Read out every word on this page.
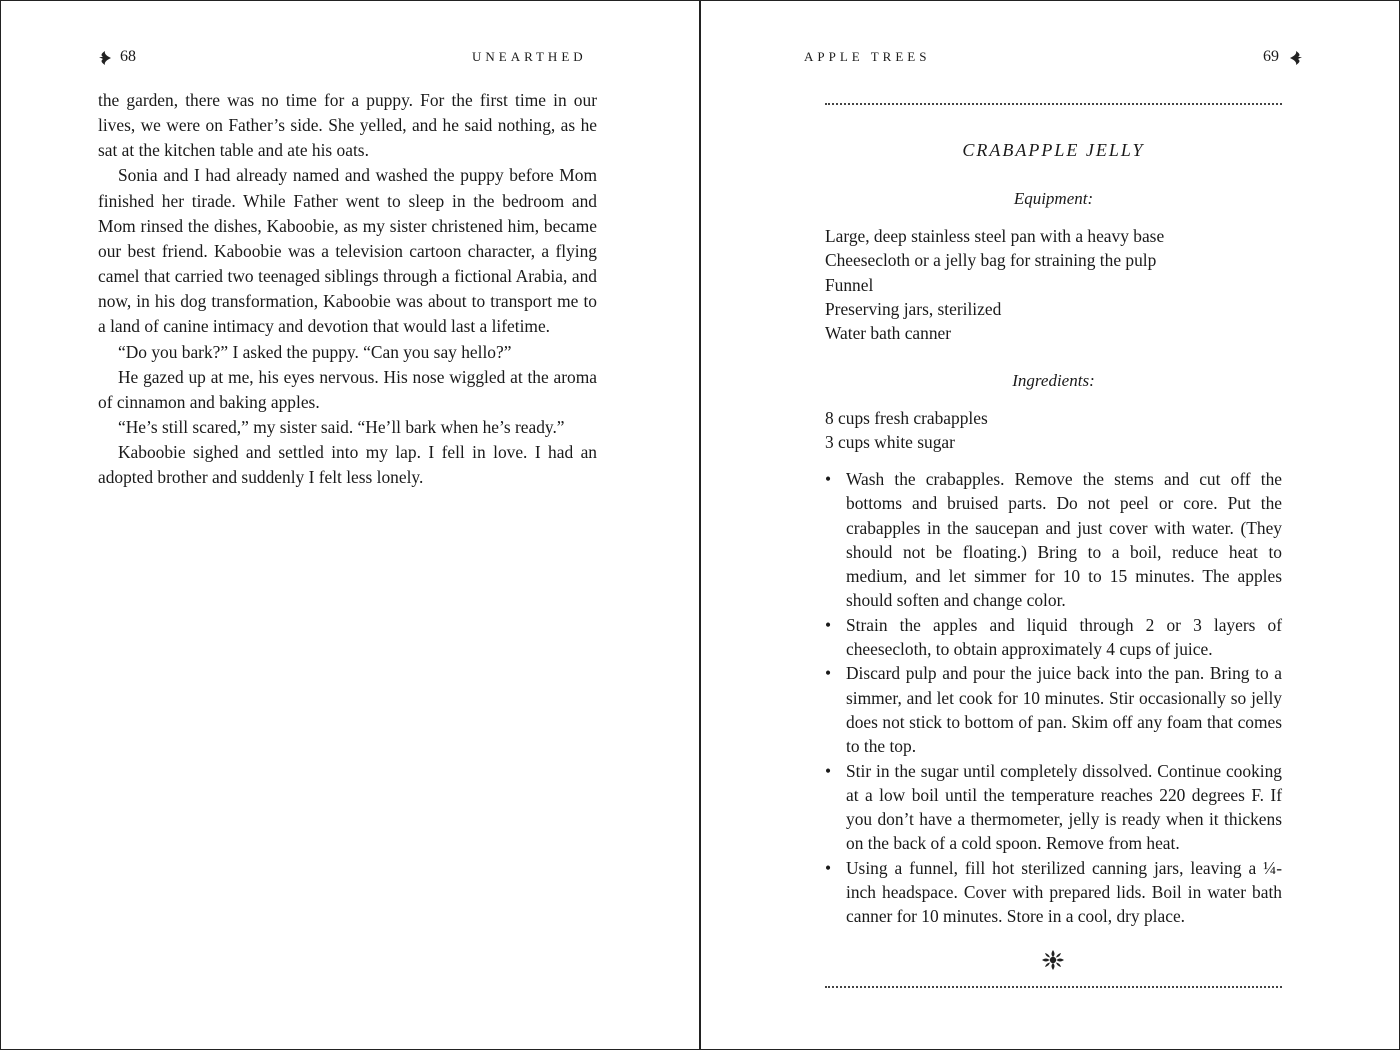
68	UNEARTHED

the garden, there was no time for a puppy. For the first time in our lives, we were on Father’s side. She yelled, and he said nothing, as he sat at the kitchen table and ate his oats.

Sonia and I had already named and washed the puppy before Mom finished her tirade. While Father went to sleep in the bedroom and Mom rinsed the dishes, Kaboobie, as my sister christened him, became our best friend. Kaboobie was a television cartoon character, a flying camel that carried two teenaged siblings through a fictional Arabia, and now, in his dog transformation, Kaboobie was about to transport me to a land of canine intimacy and devotion that would last a lifetime.

“Do you bark?” I asked the puppy. “Can you say hello?”

He gazed up at me, his eyes nervous. His nose wiggled at the aroma of cinnamon and baking apples.

“He’s still scared,” my sister said. “He’ll bark when he’s ready.”

Kaboobie sighed and settled into my lap. I fell in love. I had an adopted brother and suddenly I felt less lonely.

APPLE TREES	69
CRABAPPLE JELLY
Equipment:
Large, deep stainless steel pan with a heavy base
Cheesecloth or a jelly bag for straining the pulp
Funnel
Preserving jars, sterilized
Water bath canner
Ingredients:
8 cups fresh crabapples
3 cups white sugar
• Wash the crabapples. Remove the stems and cut off the bottoms and bruised parts. Do not peel or core. Put the crabapples in the saucepan and just cover with water. (They should not be floating.) Bring to a boil, reduce heat to medium, and let simmer for 10 to 15 minutes. The apples should soften and change color.
• Strain the apples and liquid through 2 or 3 layers of cheesecloth, to obtain approximately 4 cups of juice.
• Discard pulp and pour the juice back into the pan. Bring to a simmer, and let cook for 10 minutes. Stir occasionally so jelly does not stick to bottom of pan. Skim off any foam that comes to the top.
• Stir in the sugar until completely dissolved. Continue cooking at a low boil until the temperature reaches 220 degrees F. If you don’t have a thermometer, jelly is ready when it thickens on the back of a cold spoon. Remove from heat.
• Using a funnel, fill hot sterilized canning jars, leaving a ¼-inch headspace. Cover with prepared lids. Boil in water bath canner for 10 minutes. Store in a cool, dry place.
